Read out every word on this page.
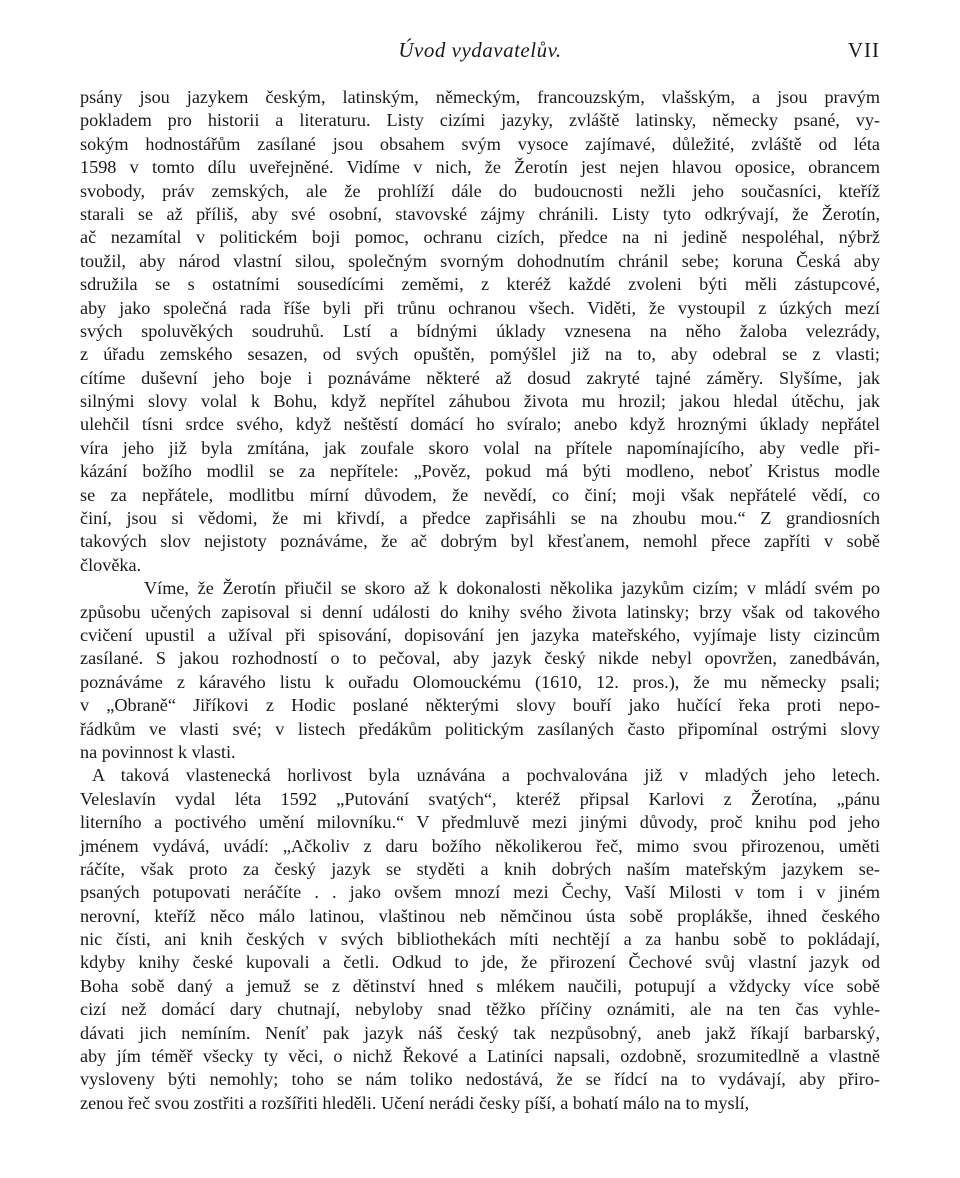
Úvod vydavatelův.	VII
psány jsou jazykem českým, latinským, německým, francouzským, vlašským, a jsou pravým
pokladem pro historii a literaturu. Listy cizími jazyky, zvláště latinsky, německy psané, vy-
sokým hodnostářům zasílané jsou obsahem svým vysoce zajímavé, důležité, zvláště od léta
1598 v tomto dílu uveřejněné. Vidíme v nich, že Žerotín jest nejen hlavou oposice, obrancem
svobody, práv zemských, ale že prohlíží dále do budoucnosti nežli jeho současníci, kteříž
starali se až příliš, aby své osobní, stavovské zájmy chránili. Listy tyto odkrývají, že Žerotín,
ač nezamítal v politickém boji pomoc, ochranu cizích, předce na ni jedině nespoléhal, nýbrž
toužil, aby národ vlastní silou, společným svorným dohodnutím chránil sebe; koruna Česká aby
sdružila se s ostatními sousedícími zeměmi, z kteréž každé zvoleni býti měli zástupcové,
aby jako společná rada říše byli při trůnu ochranou všech. Viděti, že vystoupil z úzkých mezí
svých spoluvěkých soudruhů. Lstí a bídnými úklady vznesena na něho žaloba velezrády,
z úřadu zemského sesazen, od svých opuštěn, pomýšlel již na to, aby odebral se z vlasti;
cítíme duševní jeho boje i poznáváme některé až dosud zakryté tajné záměry. Slyšíme, jak
silnými slovy volal k Bohu, když nepřítel záhubou života mu hrozil; jakou hledal útěchu, jak
ulehčil tísni srdce svého, když neštěstí domácí ho svíralo; anebo když hroznými úklady nepřátel
víra jeho již byla zmítána, jak zoufale skoro volal na přítele napomínajícího, aby vedle při-
kázání božího modlil se za nepřítele: „Pověz, pokud má býti modleno, neboť Kristus modle
se za nepřátele, modlitbu mírní důvodem, že nevědí, co činí; moji však nepřátelé vědí, co
činí, jsou si vědomi, že mi křivdí, a předce zapřisáhli se na zhoubu mou.“ Z grandiosních
takových slov nejistoty poznáváme, že ač dobrým byl křesťanem, nemohl přece zapříti v sobě
člověka.
Víme, že Žerotín přiučil se skoro až k dokonalosti několika jazykům cizím; v mládí svém po
způsobu učených zapisoval si denní události do knihy svého života latinsky; brzy však od takového
cvičení upustil a užíval při spisování, dopisování jen jazyka mateřského, vyjímaje listy cizincům
zasílané. S jakou rozhodností o to pečoval, aby jazyk český nikde nebyl opovržen, zanedbáván,
poznáváme z káravého listu k ouřadu Olomouckému (1610, 12. pros.), že mu německy psali;
v „Obraně“ Jiříkovi z Hodic poslané některými slovy bouří jako hučící řeka proti nepo-
řádkům ve vlasti své; v listech předákům politickým zasílaných často připomínal ostrými slovy
na povinnost k vlasti.
A taková vlastenecká horlivost byla uznávána a pochvalována již v mladých jeho letech.
Veleslavín vydal léta 1592 „Putování svatých“, kteréž připsal Karlovi z Žerotína, „pánu
literního a poctivého umění milovníku.“ V předmluvě mezi jinými důvody, proč knihu pod jeho
jménem vydává, uvádí: „Ačkoliv z daru božího několikerou řeč, mimo svou přirozenou, uměti
ráčíte, však proto za český jazyk se styděti a knih dobrých naším mateřským jazykem se-
psaných potupovati neráčíte . . jako ovšem mnozí mezi Čechy, Vaší Milosti v tom i v jiném
nerovní, kteříž něco málo latinou, vlaštinou neb němčinou ústa sobě proplákše, ihned českého
nic čísti, ani knih českých v svých bibliothekách míti nechtějí a za hanbu sobě to pokládají,
kdyby knihy české kupovali a četli. Odkud to jde, že přirození Čechové svůj vlastní jazyk od
Boha sobě daný a jemuž se z dětinství hned s mlékem naučili, potupují a vždycky více sobě
cizí než domácí dary chutnají, nebyloby snad těžko příčiny oznámiti, ale na ten čas vyhle-
dávati jich nemíním. Neníť pak jazyk náš český tak nezpůsobný, aneb jakž říkají barbarský,
aby jím téměř všecky ty věci, o nichž Řekové a Latiníci napsali, ozdobně, srozumitedlně a vlastně
vysloveny býti nemohly; toho se nám toliko nedostává, že se řídcí na to vydávají, aby přiro-
zenou řeč svou zostřiti a rozšířiti hleděli. Učení nerádi česky píší, a bohatí málo na to myslí,
